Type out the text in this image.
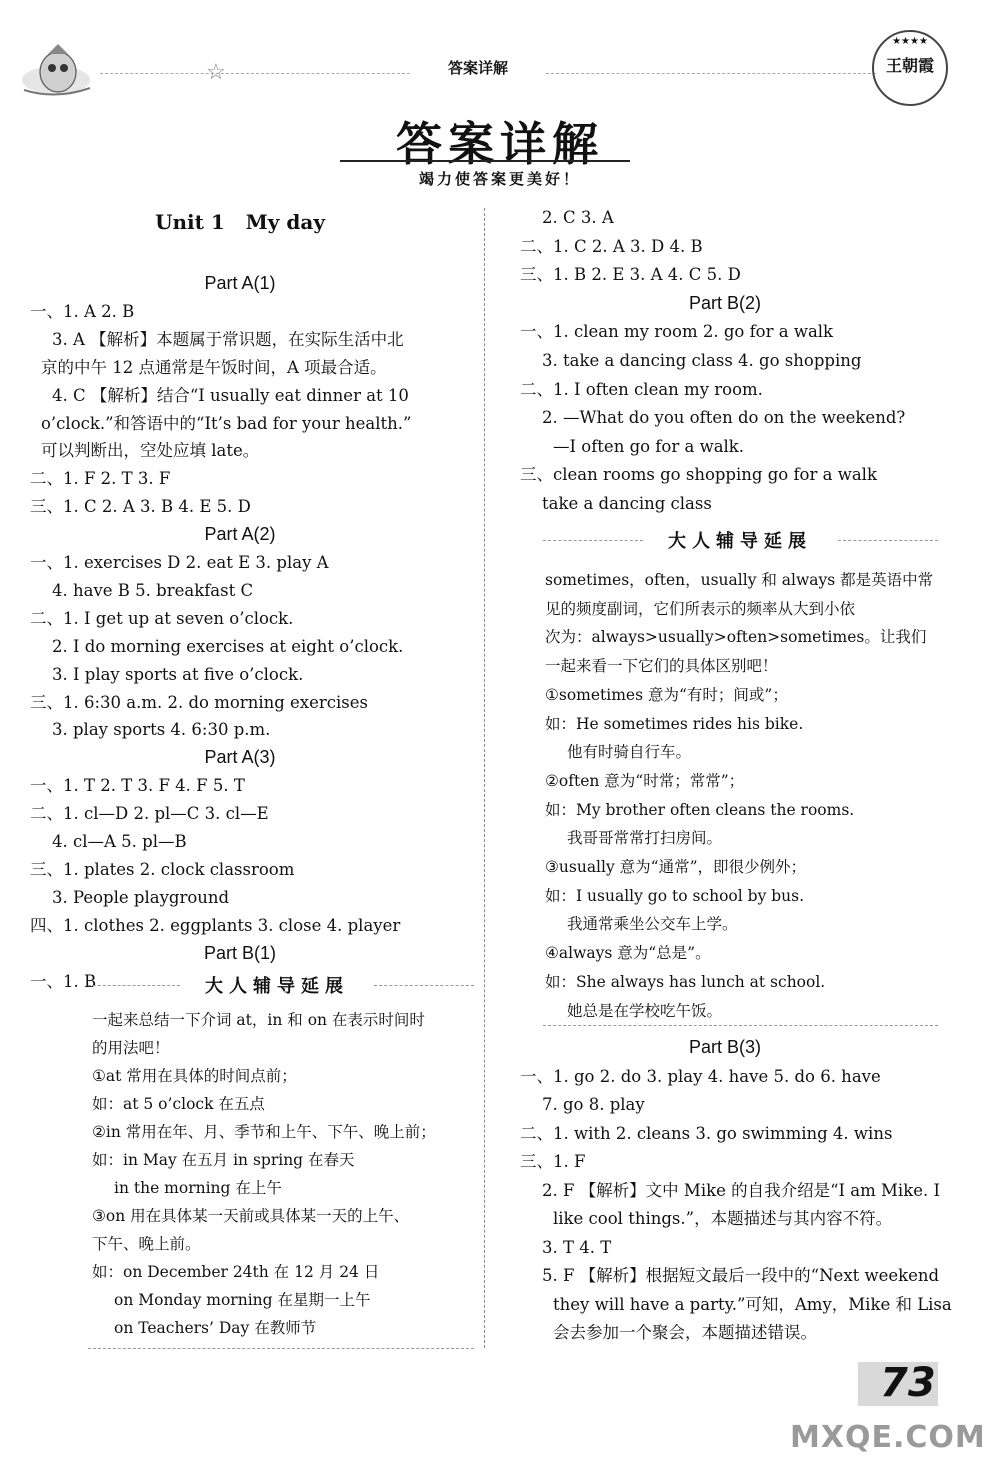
☆	答案详解
★★★★
王朝霞
答案详解
竭力使答案更美好！
Unit 1   My day
Part A(1)
一、1. A 2. B
3. A 【解析】本题属于常识题，在实际生活中北
京的中午 12 点通常是午饭时间，A 项最合适。
4. C 【解析】结合“I usually eat dinner at 10
o’clock.”和答语中的“It’s bad for your health.”
可以判断出，空处应填 late。
二、1. F 2. T 3. F
三、1. C 2. A 3. B 4. E 5. D
Part A(2)
一、1. exercises D 2. eat E 3. play A
4. have B 5. breakfast C
二、1. I get up at seven o’clock.
2. I do morning exercises at eight o’clock.
3. I play sports at five o’clock.
三、1. 6:30 a.m. 2. do morning exercises
3. play sports 4. 6:30 p.m.
Part A(3)
一、1. T 2. T 3. F 4. F 5. T
二、1. cl—D 2. pl—C 3. cl—E
4. cl—A 5. pl—B
三、1. plates 2. clock classroom
3. People playground
四、1. clothes 2. eggplants 3. close 4. player
Part B(1)
一、1. B	大人辅导延展
一起来总结一下介词 at，in 和 on 在表示时间时
的用法吧！
①at 常用在具体的时间点前；
如：at 5 o’clock 在五点
②in 常用在年、月、季节和上午、下午、晚上前；
如：in May 在五月 in spring 在春天
in the morning 在上午
③on 用在具体某一天前或具体某一天的上午、
下午、晚上前。
如：on December 24th 在 12 月 24 日
on Monday morning 在星期一上午
on Teachers’ Day 在教师节
2. C 3. A
二、1. C 2. A 3. D 4. B
三、1. B 2. E 3. A 4. C 5. D
Part B(2)
一、1. clean my room 2. go for a walk
3. take a dancing class 4. go shopping
二、1. I often clean my room.
2. —What do you often do on the weekend?
—I often go for a walk.
三、clean rooms go shopping go for a walk
take a dancing class
大人辅导延展
sometimes，often，usually 和 always 都是英语中常
见的频度副词，它们所表示的频率从大到小依
次为：always>usually>often>sometimes。让我们
一起来看一下它们的具体区别吧！
①sometimes 意为“有时；间或”；
如：He sometimes rides his bike.
他有时骑自行车。
②often 意为“时常；常常”；
如：My brother often cleans the rooms.
我哥哥常常打扫房间。
③usually 意为“通常”，即很少例外；
如：I usually go to school by bus.
我通常乘坐公交车上学。
④always 意为“总是”。
如：She always has lunch at school.
她总是在学校吃午饭。
Part B(3)
一、1. go 2. do 3. play 4. have 5. do 6. have
7. go 8. play
二、1. with 2. cleans 3. go swimming 4. wins
三、1. F
2. F 【解析】文中 Mike 的自我介绍是“I am Mike. I
like cool things.”，本题描述与其内容不符。
3. T 4. T
5. F 【解析】根据短文最后一段中的“Next weekend
they will have a party.”可知，Amy，Mike 和 Lisa
会去参加一个聚会，本题描述错误。
73
MXQE.COM
